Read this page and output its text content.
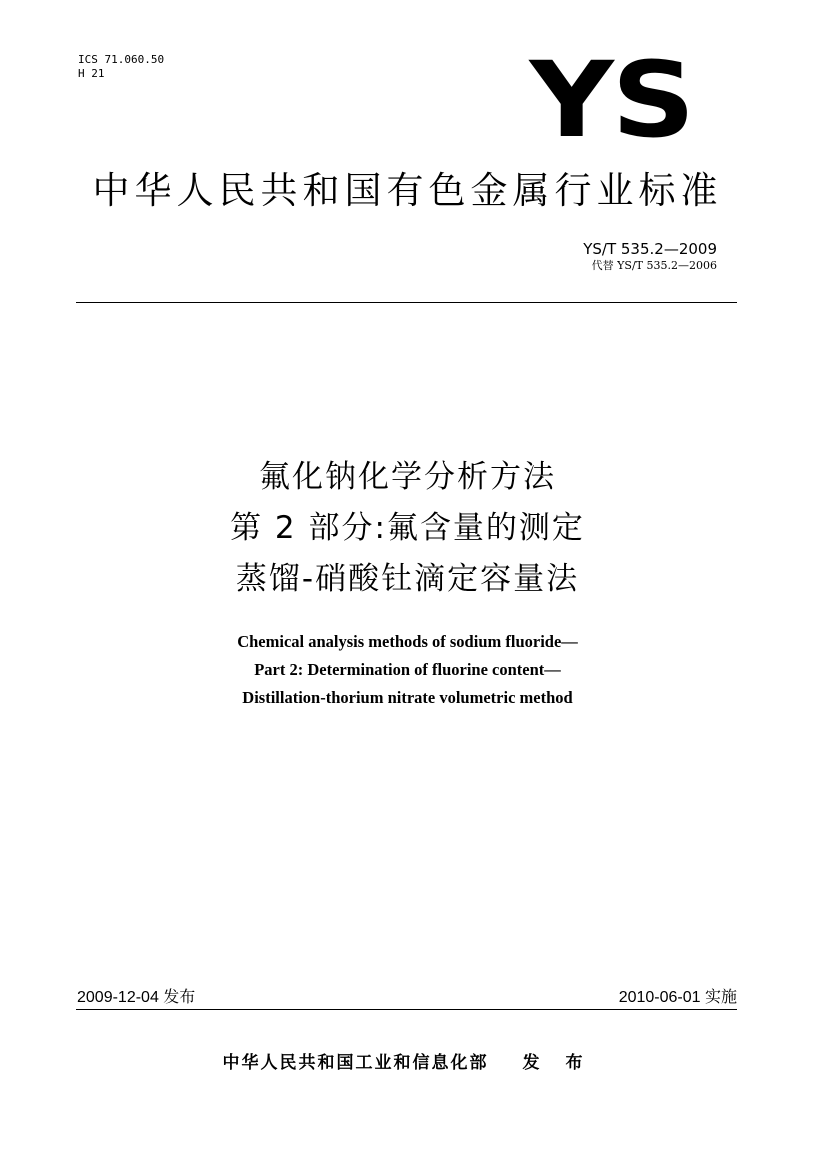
ICS 71.060.50
H 21	YS
中华人民共和国有色金属行业标准
YS/T 535.2—2009
代替 YS/T 535.2—2006
氟化钠化学分析方法
第 2 部分:氟含量的测定
蒸馏-硝酸钍滴定容量法
Chemical analysis methods of sodium fluoride—
Part 2: Determination of fluorine content—
Distillation-thorium nitrate volumetric method
2009-12-04 发布	2010-06-01 实施
中华人民共和国工业和信息化部 发 布
